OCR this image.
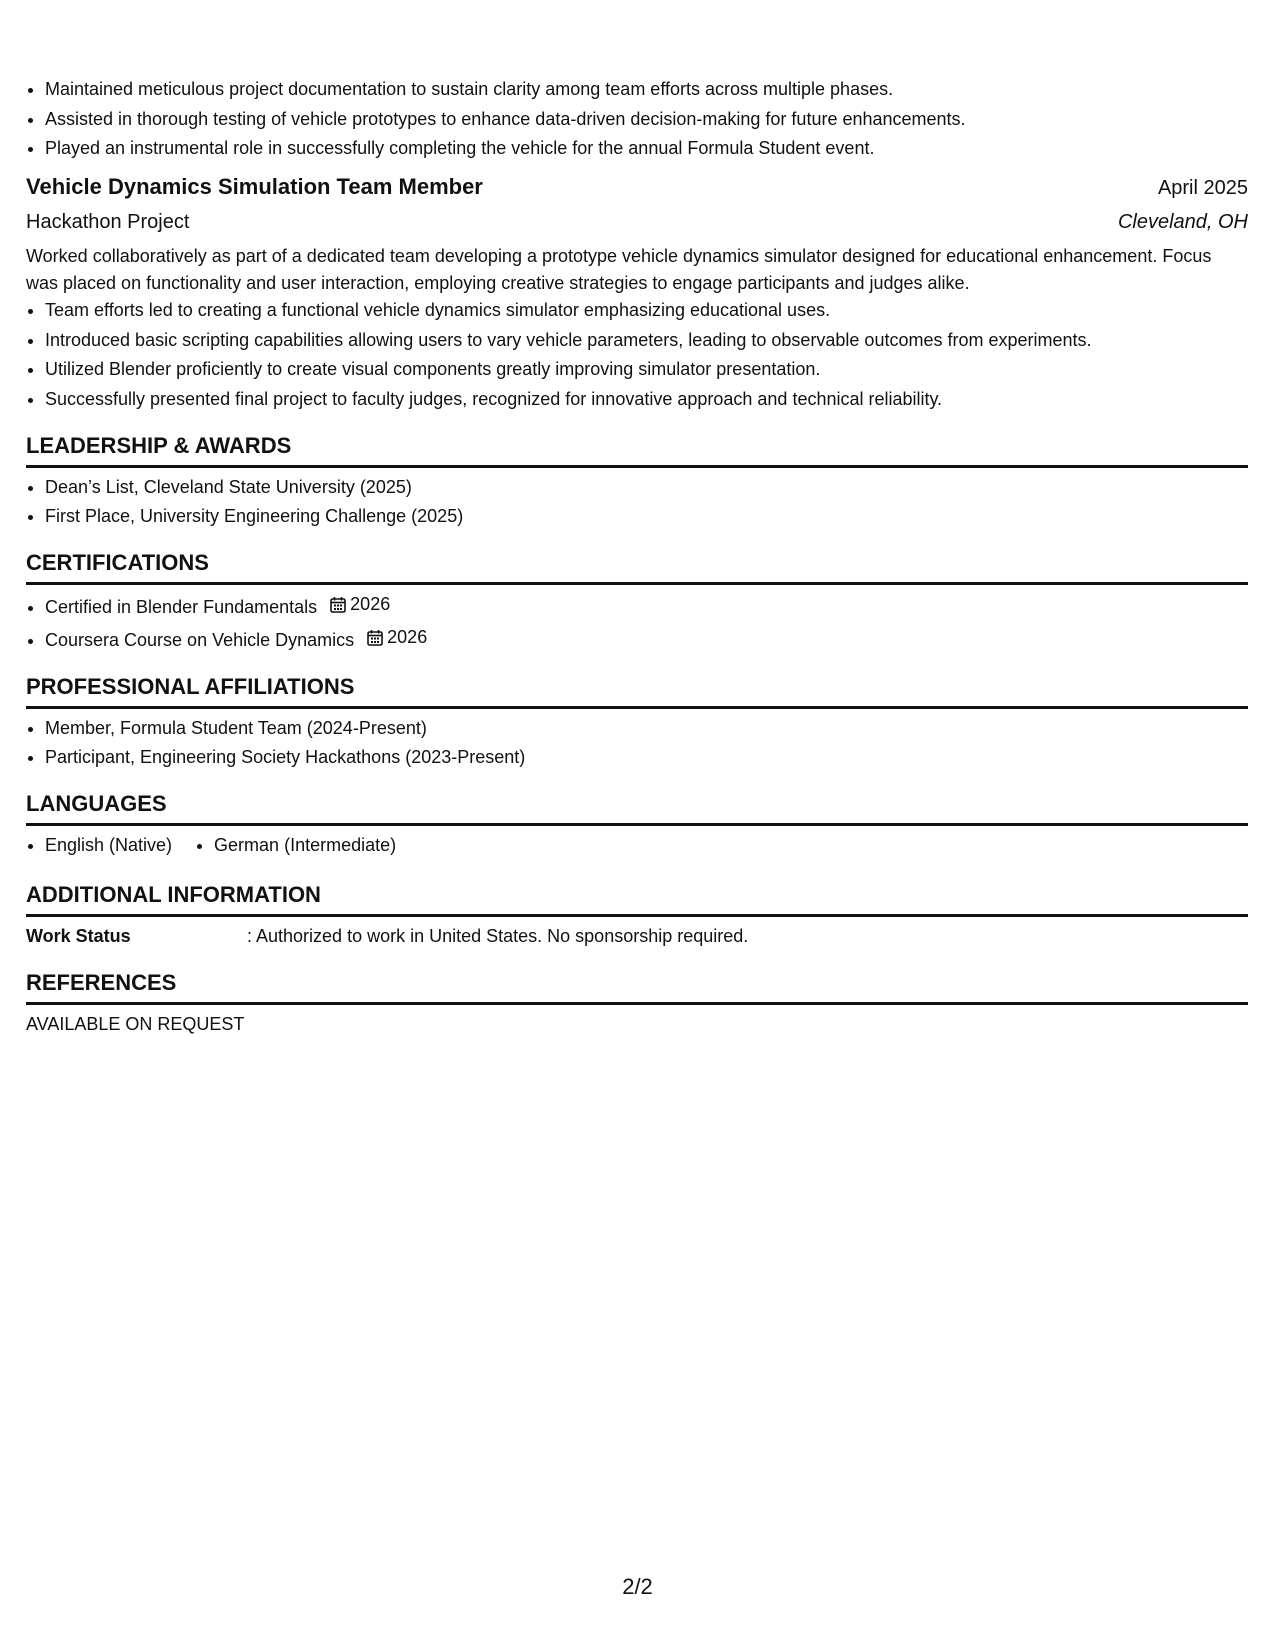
• Maintained meticulous project documentation to sustain clarity among team efforts across multiple phases.
• Assisted in thorough testing of vehicle prototypes to enhance data-driven decision-making for future enhancements.
• Played an instrumental role in successfully completing the vehicle for the annual Formula Student event.
Vehicle Dynamics Simulation Team Member	April 2025
Hackathon Project	Cleveland, OH

Worked collaboratively as part of a dedicated team developing a prototype vehicle dynamics simulator designed for educational enhancement. Focus was placed on functionality and user interaction, employing creative strategies to engage participants and judges alike.

• Team efforts led to creating a functional vehicle dynamics simulator emphasizing educational uses.
• Introduced basic scripting capabilities allowing users to vary vehicle parameters, leading to observable outcomes from experiments.
• Utilized Blender proficiently to create visual components greatly improving simulator presentation.
• Successfully presented final project to faculty judges, recognized for innovative approach and technical reliability.
LEADERSHIP & AWARDS
• Dean’s List, Cleveland State University (2025)
• First Place, University Engineering Challenge (2025)
CERTIFICATIONS
• Certified in Blender Fundamentals 2026
• Coursera Course on Vehicle Dynamics 2026
PROFESSIONAL AFFILIATIONS
• Member, Formula Student Team (2024-Present)
• Participant, Engineering Society Hackathons (2023-Present)
LANGUAGES
• English (Native)
• German (Intermediate)
ADDITIONAL INFORMATION
Work Status	: Authorized to work in United States. No sponsorship required.
REFERENCES
AVAILABLE ON REQUEST
2/2
